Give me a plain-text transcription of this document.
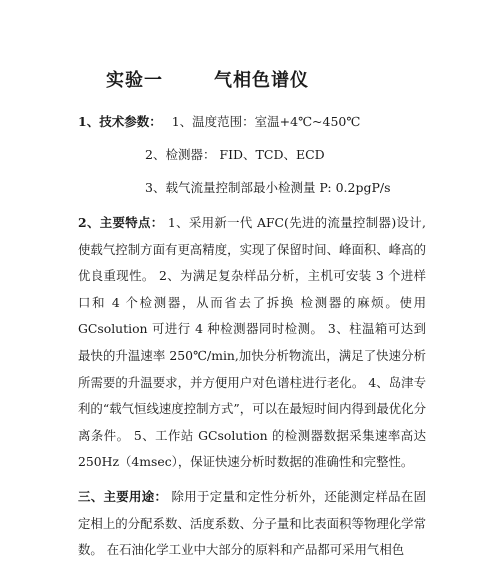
实验一	气相色谱仪
1、技术参数： 1、温度范围：室温+4℃~450℃
2、检测器： FID、TCD、ECD
3、载气流量控制部最小检测量 P: 0.2pgP/s
2、主要特点： 1、采用新一代 AFC(先进的流量控制器)设计,使载气控制方面有更高精度，实现了保留时间、峰面积、峰高的优良重现性。 2、为满足复杂样品分析，主机可安装 3 个进样口和 4 个检测器，从而省去了拆换 检测器的麻烦。使用 GCsolution 可进行 4 种检测器同时检测。 3、柱温箱可达到最快的升温速率 250℃/min,加快分析物流出，满足了快速分析所需要的升温要求，并方便用户对色谱柱进行老化。 4、岛津专利的“载气恒线速度控制方式”，可以在最短时间内得到最优化分离条件。 5、工作站 GCsolution 的检测器数据采集速率高达 250Hz（4msec），保证快速分析时数据的准确性和完整性。
三、主要用途： 除用于定量和定性分析外，还能测定样品在固定相上的分配系数、活度系数、分子量和比表面积等物理化学常数。 在石油化学工业中大部分的原料和产品都可采用气相色
